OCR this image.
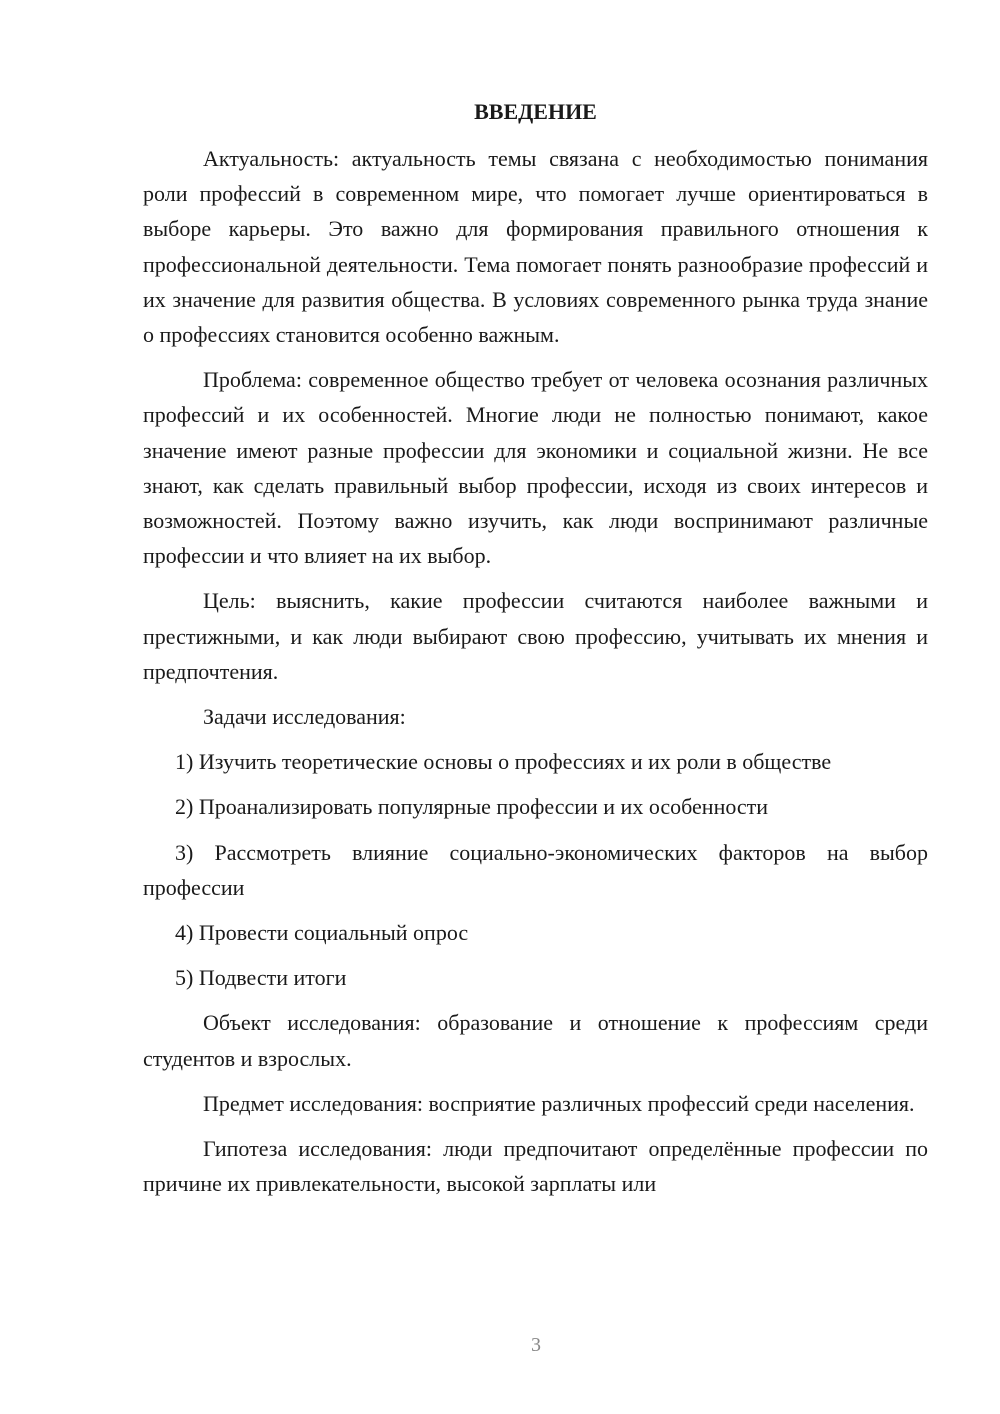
ВВЕДЕНИЕ

Актуальность: актуальность темы связана с необходимостью понимания роли профессий в современном мире, что помогает лучше ориентироваться в выборе карьеры. Это важно для формирования правильного отношения к профессиональной деятельности. Тема помогает понять разнообразие профессий и их значение для развития общества. В условиях современного рынка труда знание о профессиях становится особенно важным.

Проблема: современное общество требует от человека осознания различных профессий и их особенностей. Многие люди не полностью понимают, какое значение имеют разные профессии для экономики и социальной жизни. Не все знают, как сделать правильный выбор профессии, исходя из своих интересов и возможностей. Поэтому важно изучить, как люди воспринимают различные профессии и что влияет на их выбор.

Цель: выяснить, какие профессии считаются наиболее важными и престижными, и как люди выбирают свою профессию, учитывать их мнения и предпочтения.

Задачи исследования:

1) Изучить теоретические основы о профессиях и их роли в обществе

2) Проанализировать популярные профессии и их особенности

3) Рассмотреть влияние социально-экономических факторов на выбор профессии

4) Провести социальный опрос

5) Подвести итоги

Объект исследования: образование и отношение к профессиям среди студентов и взрослых.

Предмет исследования: восприятие различных профессий среди населения.

Гипотеза исследования: люди предпочитают определённые профессии по причине их привлекательности, высокой зарплаты или

3
